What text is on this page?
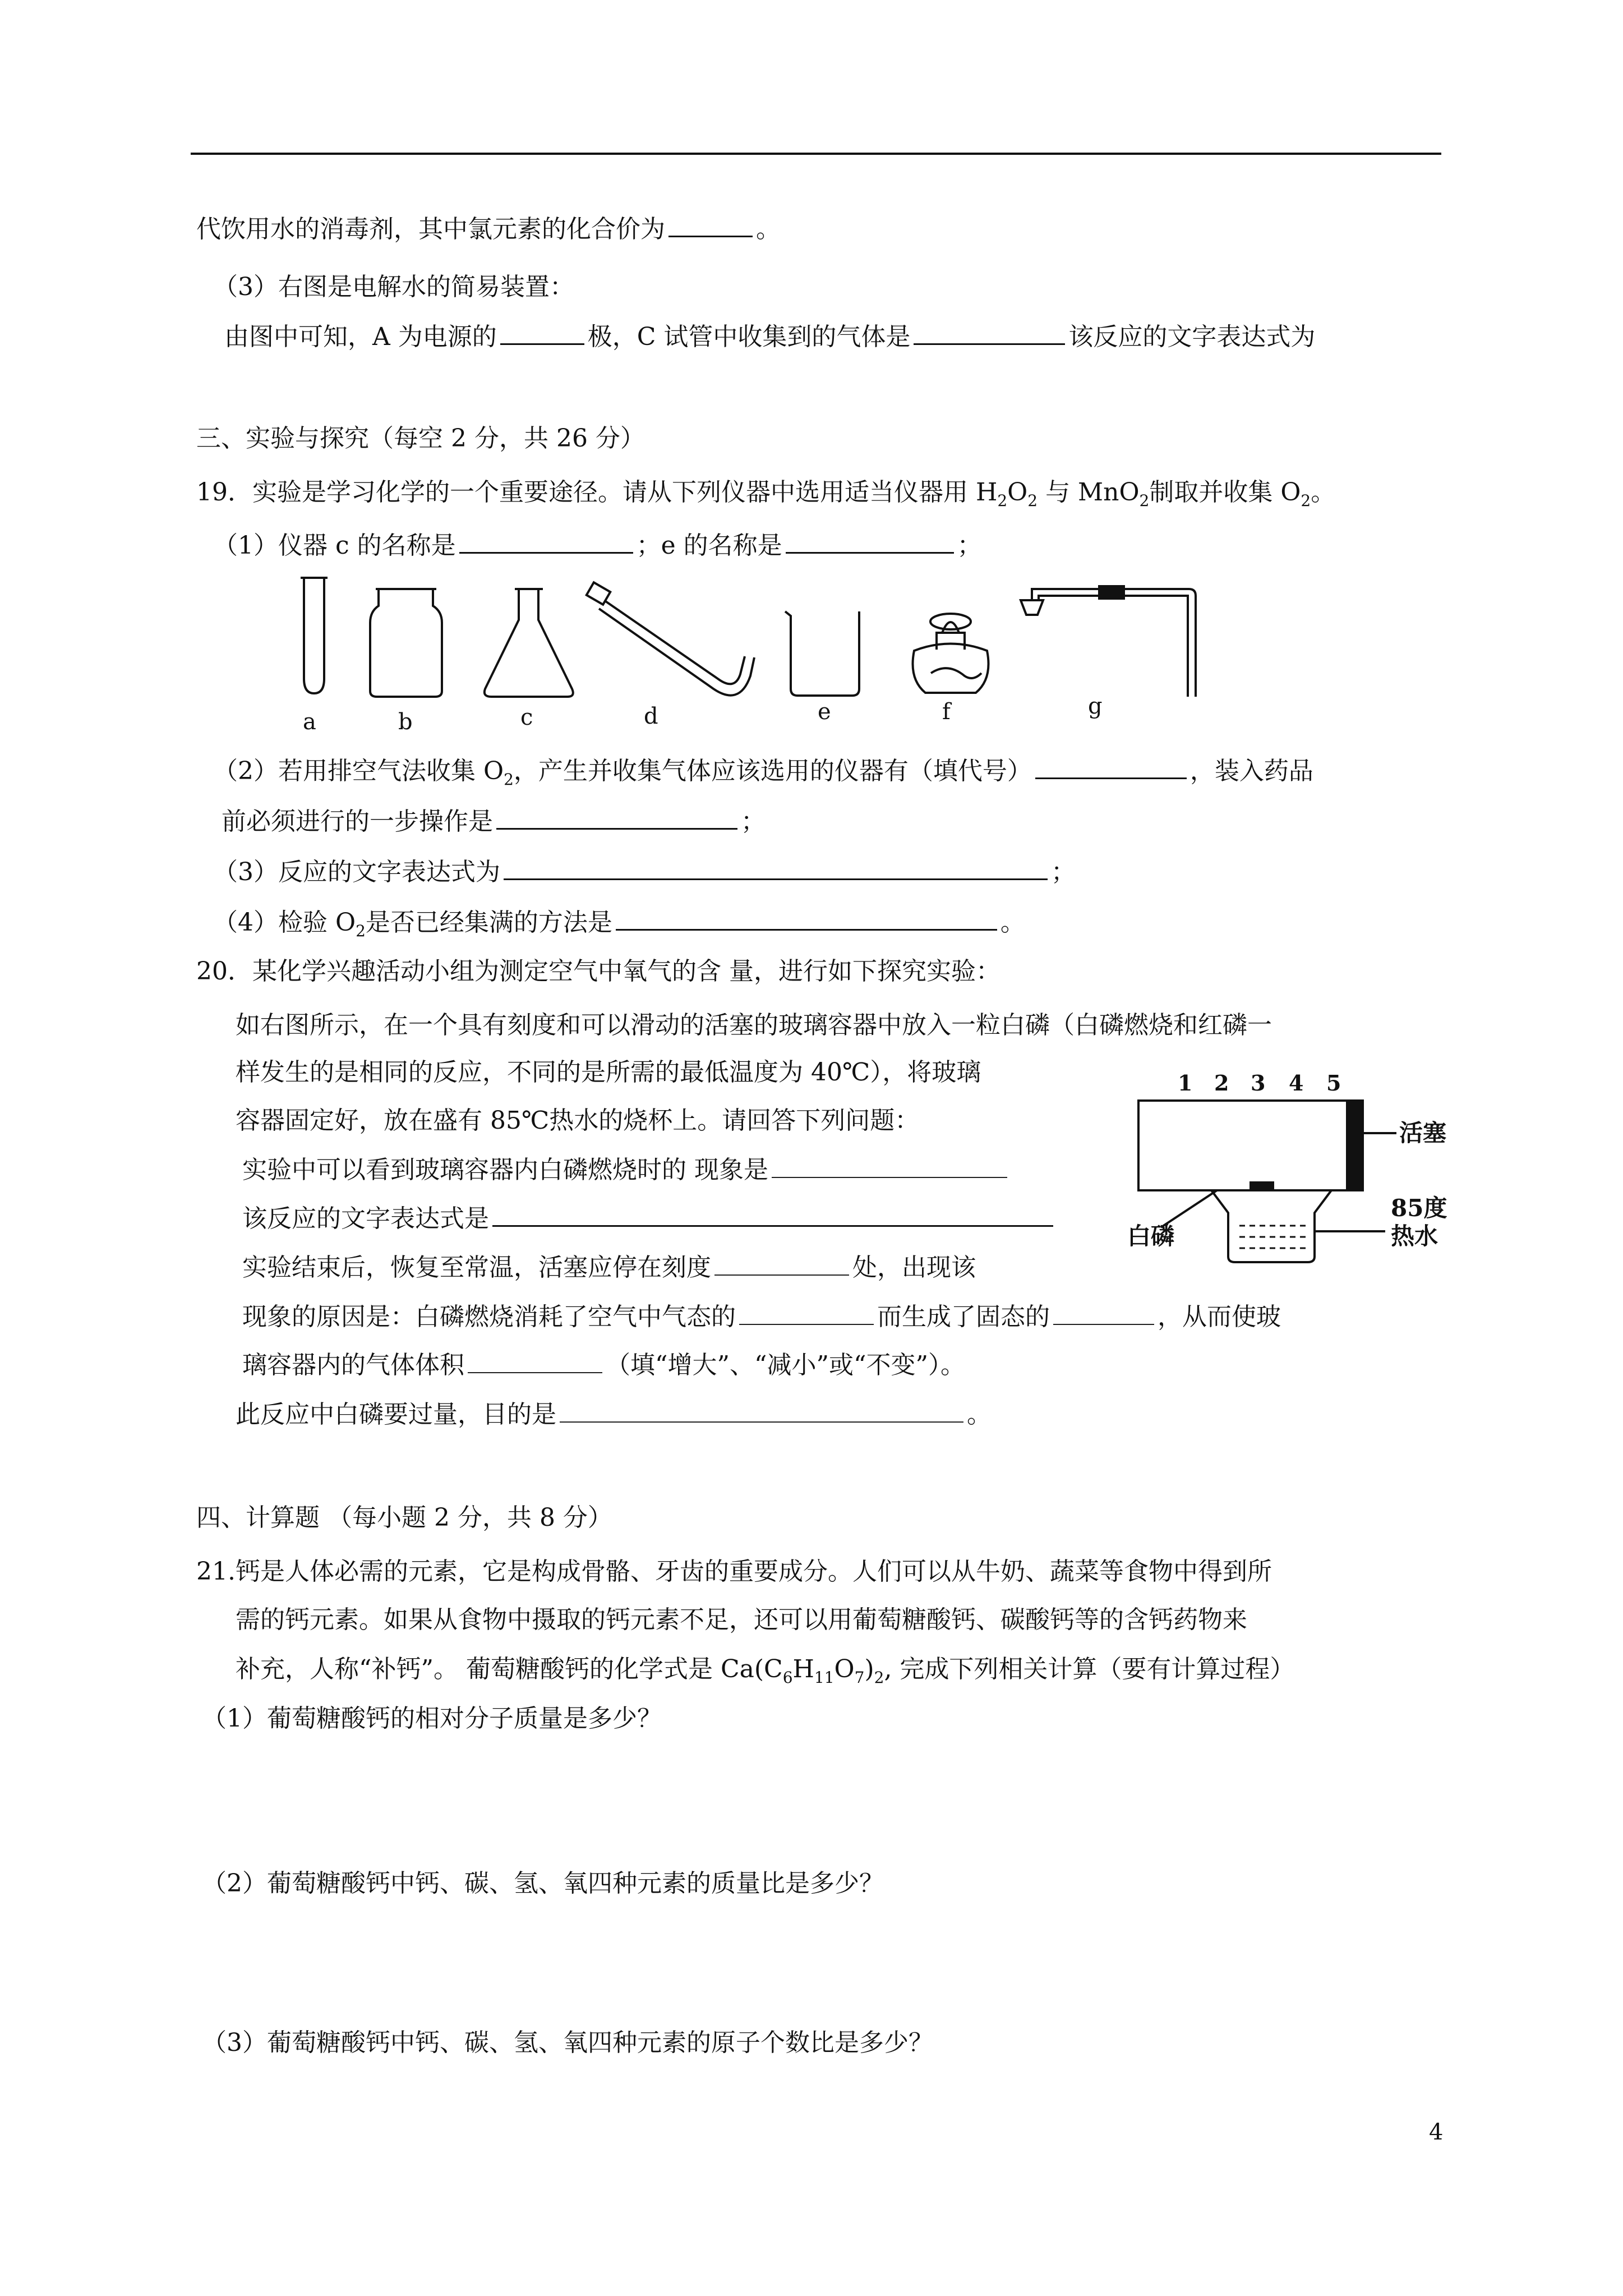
代饮用水的消毒剂，其中氯元素的化合价为	。
（3）右图是电解水的简易装置：
由图中可知，A 为电源的	极，C 试管中收集到的气体是	该反应的文字表达式为
三、实验与探究（每空 2 分，共 26 分）
19．实验是学习化学的一个重要途径。请从下列仪器中选用适当仪器用 $H_2O_2$ 与 MnO$_2$制取并收集 $O_2$。
（1）仪器 c 的名称是	；e 的名称是	；
a	b	c	d	e	f	g
（2）若用排空气法收集 $O_2$，产生并收集气体应该选用的仪器有（填代号）	，装入药品
前必须进行的一步操作是	；
（3）反应的文字表达式为	；
（4）检验 $O_2$是否已经集满的方法是	。
20．某化学兴趣活动小组为测定空气中氧气的含 量，进行如下探究实验：
如右图所示，在一个具有刻度和可以滑动的活塞的玻璃容器中放入一粒白磷（白磷燃烧和红磷一
样发生的是相同的反应，不同的是所需的最低温度为 40℃），将玻璃
容器固定好，放在盛有 85℃热水的烧杯上。请回答下列问题：
实验中可以看到玻璃容器内白磷燃烧时的 现象是
该反应的文字表达式是
实验结束后，恢复至常温，活塞应停在刻度	处，出现该
现象的原因是：白磷燃烧消耗了空气中气态的	而生成了固态的	，从而使玻
璃容器内的气体体积	（填“增大”、“减小”或“不变”）。
此反应中白磷要过量，目的是	。
1 2 3 4 5
活塞
白磷
85度
热水
四、计算题 （每小题 2 分，共 8 分）
21.钙是人体必需的元素，它是构成骨骼、牙齿的重要成分。人们可以从牛奶、蔬菜等食物中得到所
需的钙元素。如果从食物中摄取的钙元素不足，还可以用葡萄糖酸钙、碳酸钙等的含钙药物来
补充，人称“补钙”。 葡萄糖酸钙的化学式是 $Ca(C_6H_{11}O_7)_2$, 完成下列相关计算（要有计算过程）
（1）葡萄糖酸钙的相对分子质量是多少？
（2）葡萄糖酸钙中钙、碳、氢、氧四种元素的质量比是多少？
（3）葡萄糖酸钙中钙、碳、氢、氧四种元素的原子个数比是多少？
4
